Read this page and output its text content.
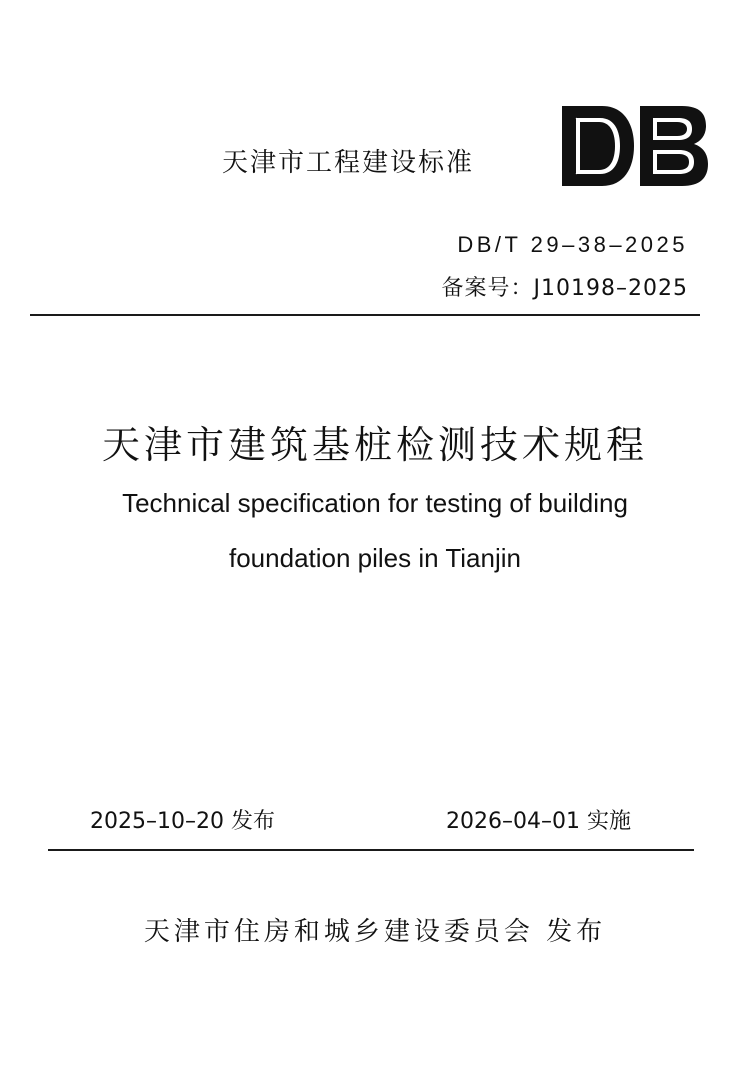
天津市工程建设标准
DB/T 29–38–2025
备案号：J10198–2025
天津市建筑基桩检测技术规程
Technical specification for testing of building
foundation piles in Tianjin
2025–10–20 发布	2026–04–01 实施
天津市住房和城乡建设委员会 发布
